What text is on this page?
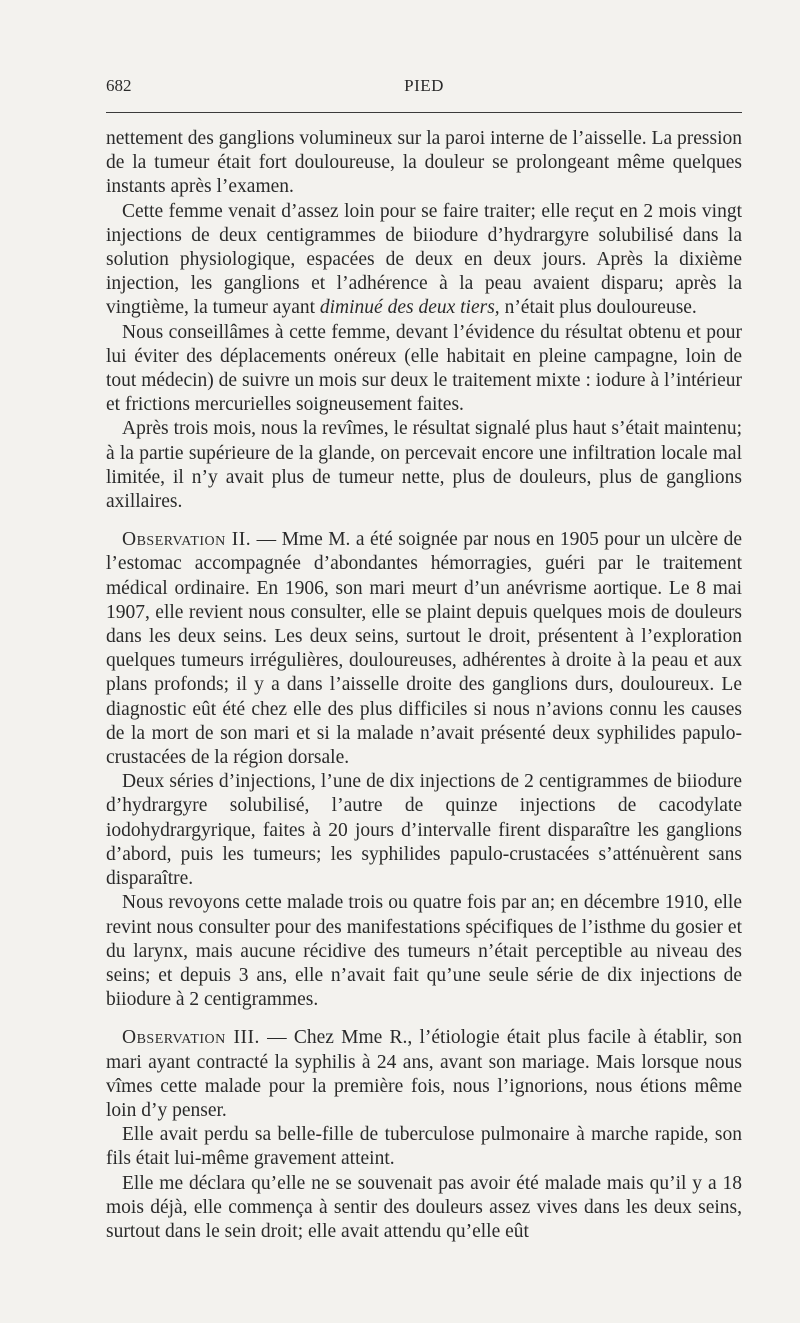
682	PIED

nettement des ganglions volumineux sur la paroi interne de l’aisselle. La pression de la tumeur était fort douloureuse, la douleur se prolongeant même quelques instants après l’examen.

Cette femme venait d’assez loin pour se faire traiter; elle reçut en 2 mois vingt injections de deux centigrammes de biiodure d’hydrargyre solubilisé dans la solution physiologique, espacées de deux en deux jours. Après la dixième injection, les ganglions et l’adhérence à la peau avaient disparu; après la vingtième, la tumeur ayant diminué des deux tiers, n’était plus douloureuse.

Nous conseillâmes à cette femme, devant l’évidence du résultat obtenu et pour lui éviter des déplacements onéreux (elle habitait en pleine campagne, loin de tout médecin) de suivre un mois sur deux le traitement mixte : iodure à l’intérieur et frictions mercurielles soigneusement faites.

Après trois mois, nous la revîmes, le résultat signalé plus haut s’était maintenu; à la partie supérieure de la glande, on percevait encore une infiltration locale mal limitée, il n’y avait plus de tumeur nette, plus de douleurs, plus de ganglions axillaires.

Observation II. — Mme M. a été soignée par nous en 1905 pour un ulcère de l’estomac accompagnée d’abondantes hémorragies, guéri par le traitement médical ordinaire. En 1906, son mari meurt d’un anévrisme aortique. Le 8 mai 1907, elle revient nous consulter, elle se plaint depuis quelques mois de douleurs dans les deux seins. Les deux seins, surtout le droit, présentent à l’exploration quelques tumeurs irrégulières, douloureuses, adhérentes à droite à la peau et aux plans profonds; il y a dans l’aisselle droite des ganglions durs, douloureux. Le diagnostic eût été chez elle des plus difficiles si nous n’avions connu les causes de la mort de son mari et si la malade n’avait présenté deux syphilides papulo-crustacées de la région dorsale.

Deux séries d’injections, l’une de dix injections de 2 centigrammes de biiodure d’hydrargyre solubilisé, l’autre de quinze injections de cacodylate iodohydrargyrique, faites à 20 jours d’intervalle firent disparaître les ganglions d’abord, puis les tumeurs; les syphilides papulo-crustacées s’atténuèrent sans disparaître.

Nous revoyons cette malade trois ou quatre fois par an; en décembre 1910, elle revint nous consulter pour des manifestations spécifiques de l’isthme du gosier et du larynx, mais aucune récidive des tumeurs n’était perceptible au niveau des seins; et depuis 3 ans, elle n’avait fait qu’une seule série de dix injections de biiodure à 2 centigrammes.

Observation III. — Chez Mme R., l’étiologie était plus facile à établir, son mari ayant contracté la syphilis à 24 ans, avant son mariage. Mais lorsque nous vîmes cette malade pour la première fois, nous l’ignorions, nous étions même loin d’y penser.

Elle avait perdu sa belle-fille de tuberculose pulmonaire à marche rapide, son fils était lui-même gravement atteint.

Elle me déclara qu’elle ne se souvenait pas avoir été malade mais qu’il y a 18 mois déjà, elle commença à sentir des douleurs assez vives dans les deux seins, surtout dans le sein droit; elle avait attendu qu’elle eût
